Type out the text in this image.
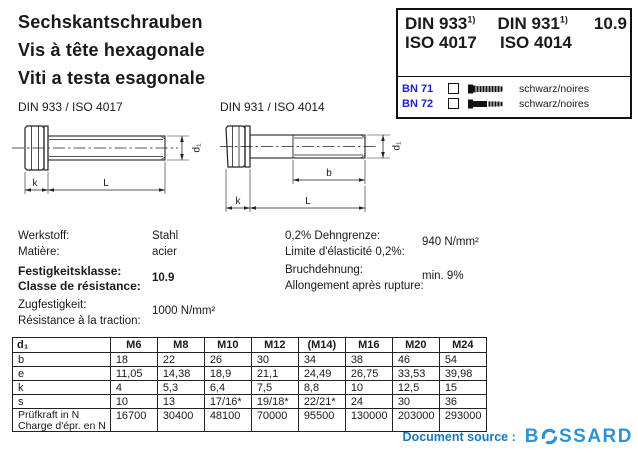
Sechskantschrauben
Vis à tête hexagonale
Viti a testa esagonale
DIN 933$^{1)}$	DIN 931$^{1)}$	10.9
ISO 4017	ISO 4014
BN 71	schwarz/noires
BN 72	schwarz/noires
DIN 933 / ISO 4017	DIN 931 / ISO 4014
d₁
k	L
d₁
b
k	L
Werkstoff:
Matière:
Stahl
acier
Festigkeitsklasse:
Classe de résistance:
10.9
Zugfestigkeit:
Résistance à la traction:
1000 N/mm²
0,2% Dehngrenze:
Limite d'élasticité 0,2%:
940 N/mm²
Bruchdehnung:
Allongement après rupture:
min. 9%
d₁	M6	M8	M10	M12	(M14)	M16	M20	M24

b	18	22	26	30	34	38	46	54

e	11,05	14,38	18,9	21,1	24,49	26,75	33,53	39,98

k	4	5,3	6,4	7,5	8,8	10	12,5	15

s	10	13	17/16*	19/18*	22/21*	24	30	36

Prüfkraft in N
Charge d'épr. en N	16700	30400	48100	70000	95500	130000	203000	293000
Document source : B SSARD
